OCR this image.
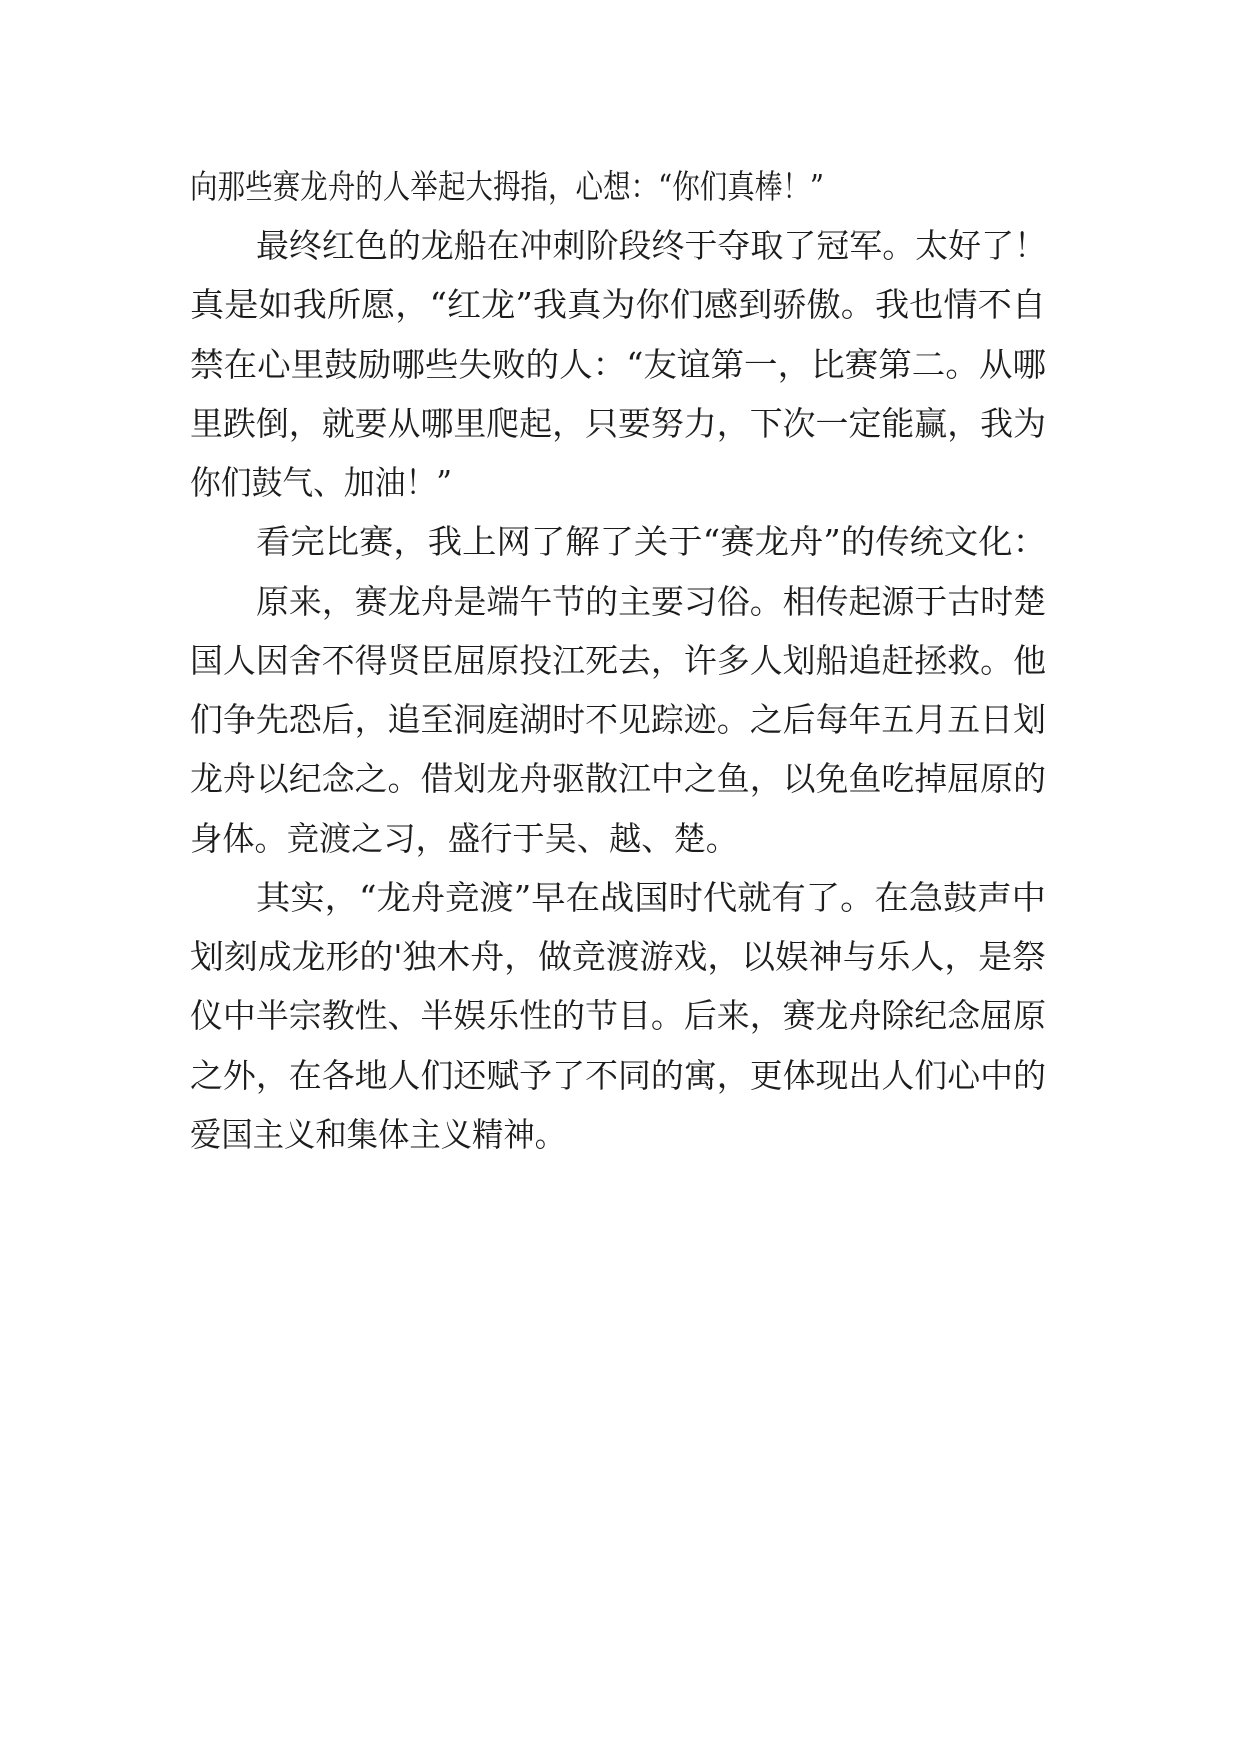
向那些赛龙舟的人举起大拇指，心想：“你们真棒！”
最终红色的龙船在冲刺阶段终于夺取了冠军。太好了！
真是如我所愿，“红龙”我真为你们感到骄傲。我也情不自
禁在心里鼓励哪些失败的人：“友谊第一，比赛第二。从哪
里跌倒，就要从哪里爬起，只要努力，下次一定能赢，我为
你们鼓气、加油！”
看完比赛，我上网了解了关于“赛龙舟”的传统文化：
原来，赛龙舟是端午节的主要习俗。相传起源于古时楚
国人因舍不得贤臣屈原投江死去，许多人划船追赶拯救。他
们争先恐后，追至洞庭湖时不见踪迹。之后每年五月五日划
龙舟以纪念之。借划龙舟驱散江中之鱼，以免鱼吃掉屈原的
身体。竞渡之习，盛行于吴、越、楚。
其实，“龙舟竞渡”早在战国时代就有了。在急鼓声中
划刻成龙形的'独木舟，做竞渡游戏，以娱神与乐人，是祭
仪中半宗教性、半娱乐性的节目。后来，赛龙舟除纪念屈原
之外，在各地人们还赋予了不同的寓，更体现出人们心中的
爱国主义和集体主义精神。
